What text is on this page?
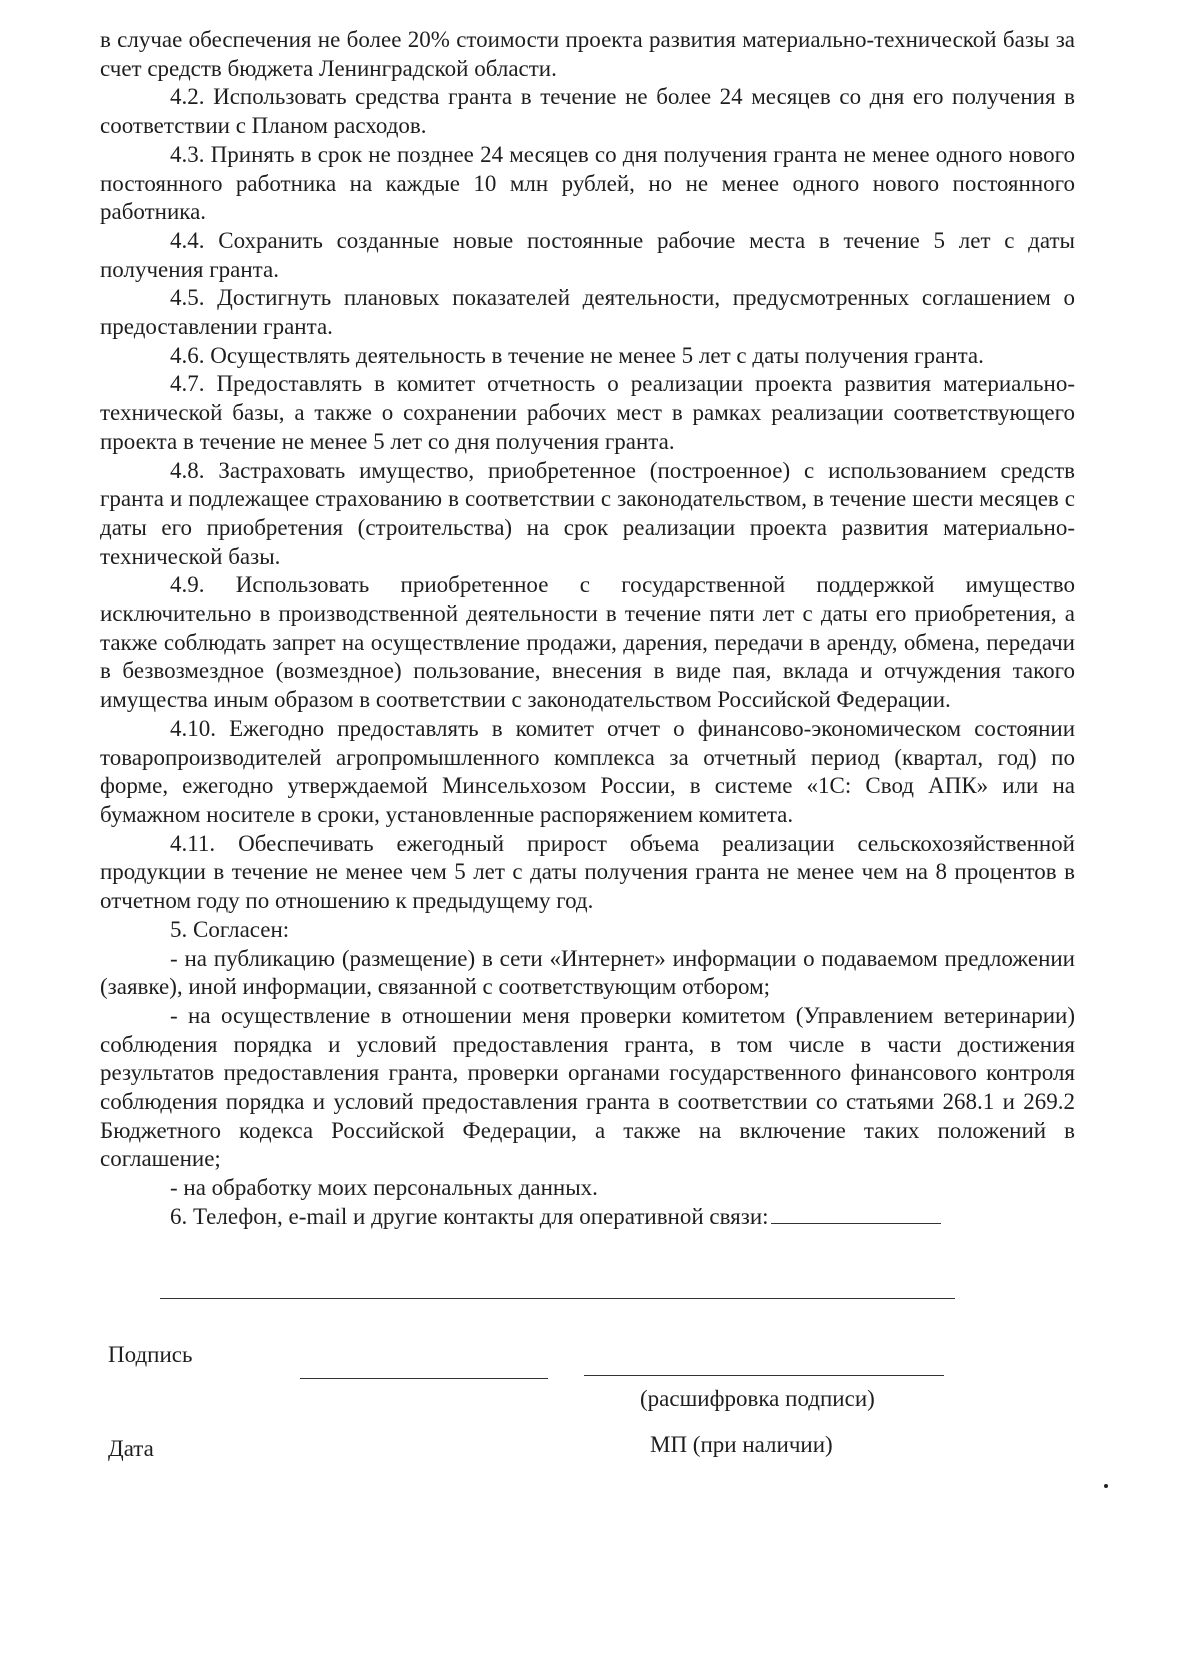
в случае обеспечения не более 20% стоимости проекта развития материально-технической базы за счет средств бюджета Ленинградской области.

4.2. Использовать средства гранта в течение не более 24 месяцев со дня его получения в соответствии с Планом расходов.

4.3. Принять в срок не позднее 24 месяцев со дня получения гранта не менее одного нового постоянного работника на каждые 10 млн рублей, но не менее одного нового постоянного работника.

4.4. Сохранить созданные новые постоянные рабочие места в течение 5 лет с даты получения гранта.

4.5. Достигнуть плановых показателей деятельности, предусмотренных соглашением о предоставлении гранта.

4.6. Осуществлять деятельность в течение не менее 5 лет с даты получения гранта.

4.7. Предоставлять в комитет отчетность о реализации проекта развития материально-технической базы, а также о сохранении рабочих мест в рамках реализации соответствующего проекта в течение не менее 5 лет со дня получения гранта.

4.8. Застраховать имущество, приобретенное (построенное) с использованием средств гранта и подлежащее страхованию в соответствии с законодательством, в течение шести месяцев с даты его приобретения (строительства) на срок реализации проекта развития материально-технической базы.

4.9. Использовать приобретенное с государственной поддержкой имущество исключительно в производственной деятельности в течение пяти лет с даты его приобретения, а также соблюдать запрет на осуществление продажи, дарения, передачи в аренду, обмена, передачи в безвозмездное (возмездное) пользование, внесения в виде пая, вклада и отчуждения такого имущества иным образом в соответствии с законодательством Российской Федерации.

4.10. Ежегодно предоставлять в комитет отчет о финансово-экономическом состоянии товаропроизводителей агропромышленного комплекса за отчетный период (квартал, год) по форме, ежегодно утверждаемой Минсельхозом России, в системе «1С: Свод АПК» или на бумажном носителе в сроки, установленные распоряжением комитета.

4.11. Обеспечивать ежегодный прирост объема реализации сельскохозяйственной продукции в течение не менее чем 5 лет с даты получения гранта не менее чем на 8 процентов в отчетном году по отношению к предыдущему год.

5. Согласен:

- на публикацию (размещение) в сети «Интернет» информации о подаваемом предложении (заявке), иной информации, связанной с соответствующим отбором;

- на осуществление в отношении меня проверки комитетом (Управлением ветеринарии) соблюдения порядка и условий предоставления гранта, в том числе в части достижения результатов предоставления гранта, проверки органами государственного финансового контроля соблюдения порядка и условий предоставления гранта в соответствии со статьями 268.1 и 269.2 Бюджетного кодекса Российской Федерации, а также на включение таких положений в соглашение;

- на обработку моих персональных данных.

6. Телефон, e-mail и другие контакты для оперативной связи:

Подпись
(расшифровка подписи)
Дата	МП (при наличии)
